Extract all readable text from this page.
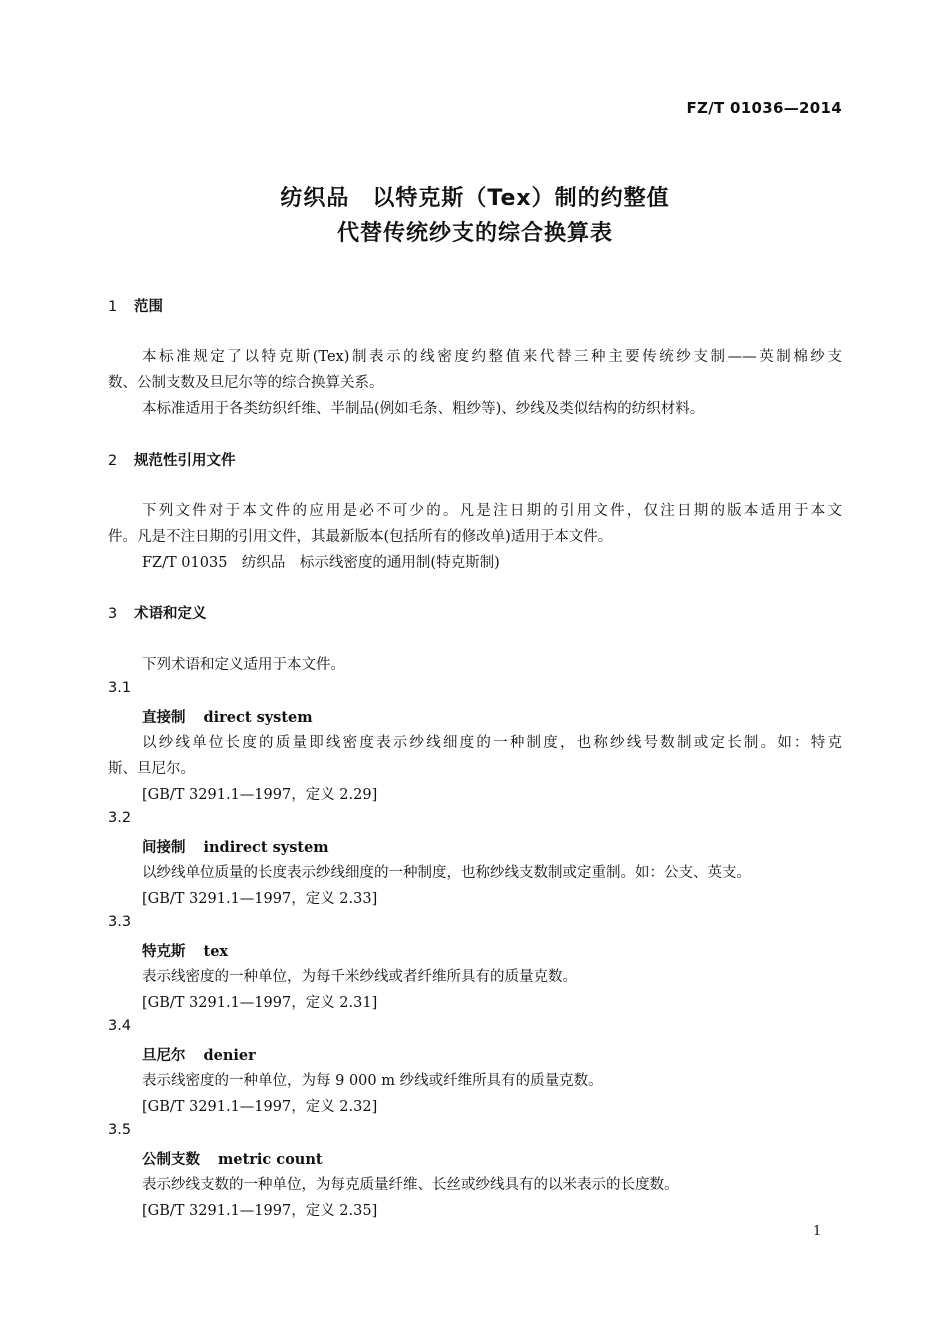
FZ/T 01036—2014
纺织品　以特克斯（Tex）制的约整值
代替传统纱支的综合换算表
1 范围
本标准规定了以特克斯(Tex)制表示的线密度约整值来代替三种主要传统纱支制——英制棉纱支
数、公制支数及旦尼尔等的综合换算关系。
本标准适用于各类纺织纤维、半制品(例如毛条、粗纱等)、纱线及类似结构的纺织材料。
2 规范性引用文件
下列文件对于本文件的应用是必不可少的。凡是注日期的引用文件，仅注日期的版本适用于本文
件。凡是不注日期的引用文件，其最新版本(包括所有的修改单)适用于本文件。
FZ/T 01035　纺织品　标示线密度的通用制(特克斯制)
3 术语和定义
下列术语和定义适用于本文件。
3.1
直接制 direct system
以纱线单位长度的质量即线密度表示纱线细度的一种制度，也称纱线号数制或定长制。如：特克
斯、旦尼尔。
[GB/T 3291.1—1997，定义 2.29]
3.2
间接制 indirect system
以纱线单位质量的长度表示纱线细度的一种制度，也称纱线支数制或定重制。如：公支、英支。
[GB/T 3291.1—1997，定义 2.33]
3.3
特克斯 tex
表示线密度的一种单位，为每千米纱线或者纤维所具有的质量克数。
[GB/T 3291.1—1997，定义 2.31]
3.4
旦尼尔 denier
表示线密度的一种单位，为每 9 000 m 纱线或纤维所具有的质量克数。
[GB/T 3291.1—1997，定义 2.32]
3.5
公制支数 metric count
表示纱线支数的一种单位，为每克质量纤维、长丝或纱线具有的以米表示的长度数。
[GB/T 3291.1—1997，定义 2.35]
1
